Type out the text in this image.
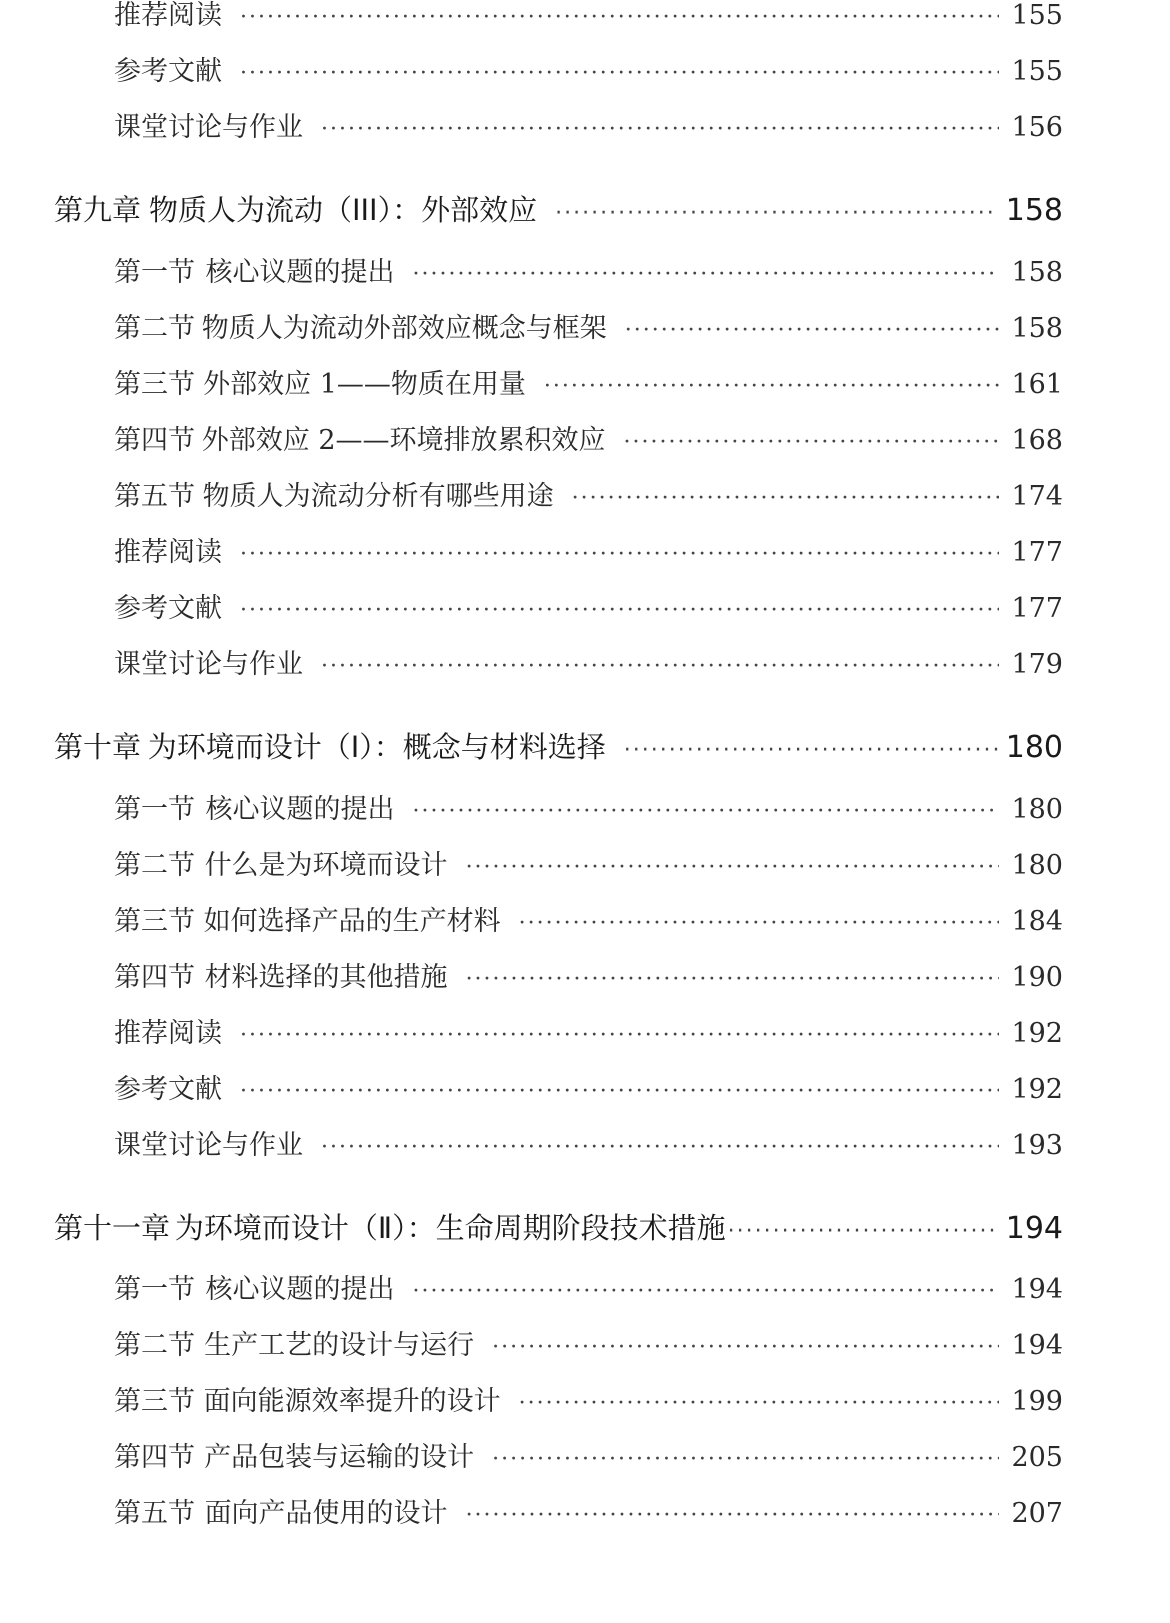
推荐阅读 ·····	155
参考文献 ·····	155
课堂讨论与作业 ·····	156
第九章 物质人为流动（III）：外部效应 ·····	158
第一节 核心议题的提出 ·····	158
第二节 物质人为流动外部效应概念与框架 ·····	158
第三节 外部效应 1——物质在用量 ·····	161
第四节 外部效应 2——环境排放累积效应 ·····	168
第五节 物质人为流动分析有哪些用途 ·····	174
推荐阅读 ·····	177
参考文献 ·····	177
课堂讨论与作业 ·····	179
第十章 为环境而设计（Ⅰ）：概念与材料选择 ·····	180
第一节 核心议题的提出 ·····	180
第二节 什么是为环境而设计 ·····	180
第三节 如何选择产品的生产材料 ·····	184
第四节 材料选择的其他措施 ·····	190
推荐阅读 ·····	192
参考文献 ·····	192
课堂讨论与作业 ·····	193
第十一章 为环境而设计（Ⅱ）：生命周期阶段技术措施 ·····	194
第一节 核心议题的提出 ·····	194
第二节 生产工艺的设计与运行 ·····	194
第三节 面向能源效率提升的设计 ·····	199
第四节 产品包装与运输的设计 ·····	205
第五节 面向产品使用的设计 ·····	207
